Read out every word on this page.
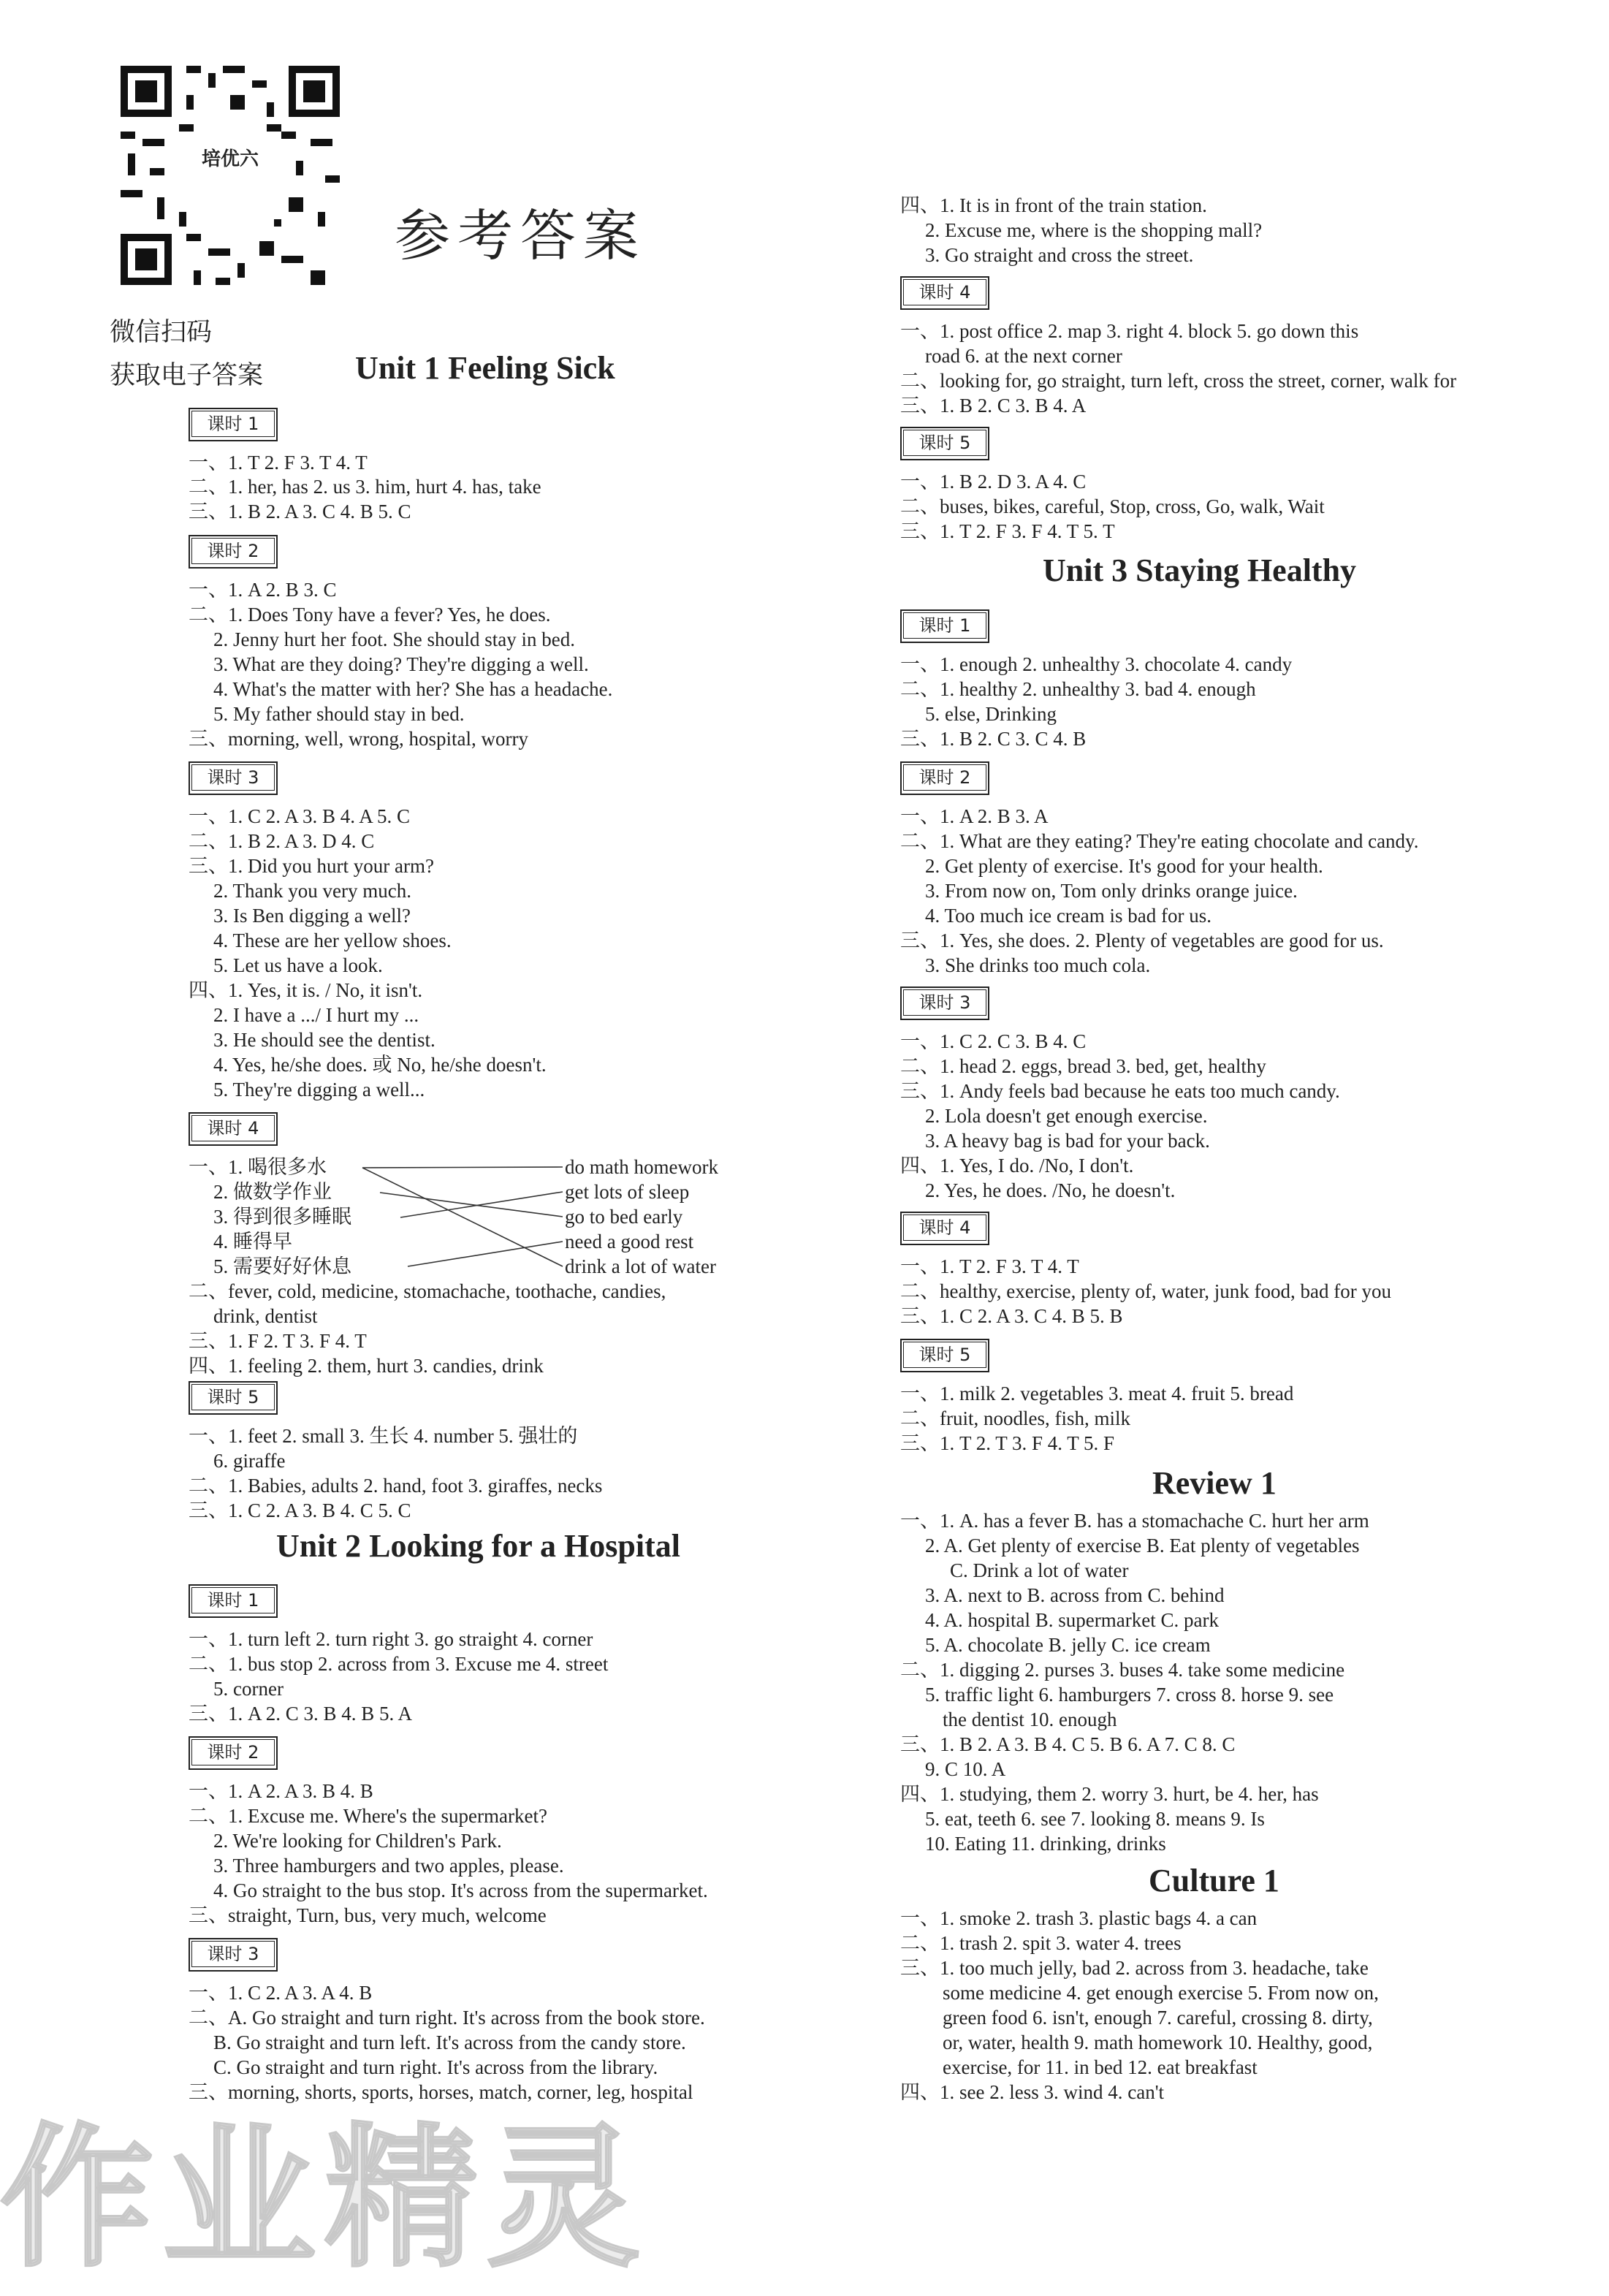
培优六
参考答案
微信扫码
获取电子答案
作业精灵
Unit 1 Feeling Sick
课时 1
一、1. T 2. F 3. T 4. T
二、1. her, has 2. us 3. him, hurt 4. has, take
三、1. B 2. A 3. C 4. B 5. C
课时 2
一、1. A 2. B 3. C
二、1. Does Tony have a fever? Yes, he does.
2. Jenny hurt her foot. She should stay in bed.
3. What are they doing? They're digging a well.
4. What's the matter with her? She has a headache.
5. My father should stay in bed.
三、morning, well, wrong, hospital, worry
课时 3
一、1. C 2. A 3. B 4. A 5. C
二、1. B 2. A 3. D 4. C
三、1. Did you hurt your arm?
2. Thank you very much.
3. Is Ben digging a well?
4. These are her yellow shoes.
5. Let us have a look.
四、1. Yes, it is. / No, it isn't.
2. I have a .../ I hurt my ...
3. He should see the dentist.
4. Yes, he/she does. 或 No, he/she doesn't.
5. They're digging a well...
课时 4
一、1. 喝很多水
2. 做数学作业
3. 得到很多睡眠
4. 睡得早
5. 需要好好休息
do math homework
get lots of sleep
go to bed early
need a good rest
drink a lot of water
二、fever, cold, medicine, stomachache, toothache, candies,
drink, dentist
三、1. F 2. T 3. F 4. T
四、1. feeling 2. them, hurt 3. candies, drink
课时 5
一、1. feet 2. small 3. 生长 4. number 5. 强壮的
6. giraffe
二、1. Babies, adults 2. hand, foot 3. giraffes, necks
三、1. C 2. A 3. B 4. C 5. C
Unit 2 Looking for a Hospital
课时 1
一、1. turn left 2. turn right 3. go straight 4. corner
二、1. bus stop 2. across from 3. Excuse me 4. street
5. corner
三、1. A 2. C 3. B 4. B 5. A
课时 2
一、1. A 2. A 3. B 4. B
二、1. Excuse me. Where's the supermarket?
2. We're looking for Children's Park.
3. Three hamburgers and two apples, please.
4. Go straight to the bus stop. It's across from the supermarket.
三、straight, Turn, bus, very much, welcome
课时 3
一、1. C 2. A 3. A 4. B
二、A. Go straight and turn right. It's across from the book store.
B. Go straight and turn left. It's across from the candy store.
C. Go straight and turn right. It's across from the library.
三、morning, shorts, sports, horses, match, corner, leg, hospital
四、1. It is in front of the train station.
2. Excuse me, where is the shopping mall?
3. Go straight and cross the street.
课时 4
一、1. post office 2. map 3. right 4. block 5. go down this
road 6. at the next corner
二、looking for, go straight, turn left, cross the street, corner, walk for
三、1. B 2. C 3. B 4. A
课时 5
一、1. B 2. D 3. A 4. C
二、buses, bikes, careful, Stop, cross, Go, walk, Wait
三、1. T 2. F 3. F 4. T 5. T
Unit 3 Staying Healthy
课时 1
一、1. enough 2. unhealthy 3. chocolate 4. candy
二、1. healthy 2. unhealthy 3. bad 4. enough
5. else, Drinking
三、1. B 2. C 3. C 4. B
课时 2
一、1. A 2. B 3. A
二、1. What are they eating? They're eating chocolate and candy.
2. Get plenty of exercise. It's good for your health.
3. From now on, Tom only drinks orange juice.
4. Too much ice cream is bad for us.
三、1. Yes, she does. 2. Plenty of vegetables are good for us.
3. She drinks too much cola.
课时 3
一、1. C 2. C 3. B 4. C
二、1. head 2. eggs, bread 3. bed, get, healthy
三、1. Andy feels bad because he eats too much candy.
2. Lola doesn't get enough exercise.
3. A heavy bag is bad for your back.
四、1. Yes, I do. /No, I don't.
2. Yes, he does. /No, he doesn't.
课时 4
一、1. T 2. F 3. T 4. T
二、healthy, exercise, plenty of, water, junk food, bad for you
三、1. C 2. A 3. C 4. B 5. B
课时 5
一、1. milk 2. vegetables 3. meat 4. fruit 5. bread
二、fruit, noodles, fish, milk
三、1. T 2. T 3. F 4. T 5. F
Review 1
一、1. A. has a fever B. has a stomachache C. hurt her arm
2. A. Get plenty of exercise B. Eat plenty of vegetables
C. Drink a lot of water
3. A. next to B. across from C. behind
4. A. hospital B. supermarket C. park
5. A. chocolate B. jelly C. ice cream
二、1. digging 2. purses 3. buses 4. take some medicine
5. traffic light 6. hamburgers 7. cross 8. horse 9. see
the dentist 10. enough
三、1. B 2. A 3. B 4. C 5. B 6. A 7. C 8. C
9. C 10. A
四、1. studying, them 2. worry 3. hurt, be 4. her, has
5. eat, teeth 6. see 7. looking 8. means 9. Is
10. Eating 11. drinking, drinks
Culture 1
一、1. smoke 2. trash 3. plastic bags 4. a can
二、1. trash 2. spit 3. water 4. trees
三、1. too much jelly, bad 2. across from 3. headache, take
some medicine 4. get enough exercise 5. From now on,
green food 6. isn't, enough 7. careful, crossing 8. dirty,
or, water, health 9. math homework 10. Healthy, good,
exercise, for 11. in bed 12. eat breakfast
四、1. see 2. less 3. wind 4. can't
